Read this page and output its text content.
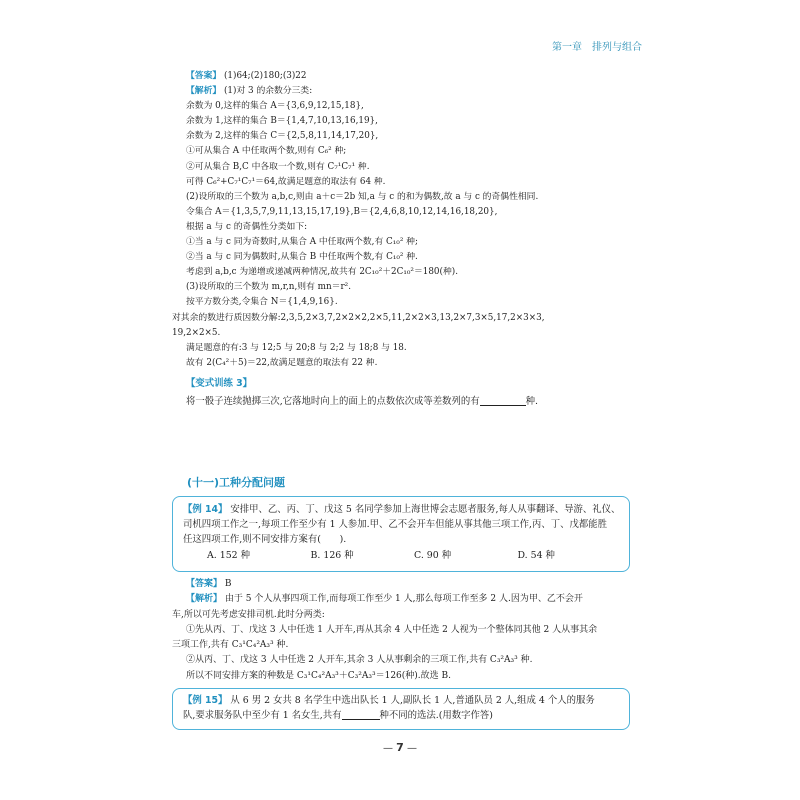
第一章 排列与组合
【答案】 (1)64;(2)180;(3)22
【解析】 (1)对 3 的余数分三类:
余数为 0,这样的集合 A＝{3,6,9,12,15,18},
余数为 1,这样的集合 B＝{1,4,7,10,13,16,19},
余数为 2,这样的集合 C＝{2,5,8,11,14,17,20},
①可从集合 A 中任取两个数,则有 C₆² 种;
②可从集合 B,C 中各取一个数,则有 C₇¹C₇¹ 种.
可得 C₆²+C₇¹C₇¹＝64,故满足题意的取法有 64 种.
(2)设所取的三个数为 a,b,c,则由 a＋c＝2b 知,a 与 c 的和为偶数,故 a 与 c 的奇偶性相同.
令集合 A＝{1,3,5,7,9,11,13,15,17,19},B＝{2,4,6,8,10,12,14,16,18,20},
根据 a 与 c 的奇偶性分类如下:
①当 a 与 c 同为奇数时,从集合 A 中任取两个数,有 C₁₀² 种;
②当 a 与 c 同为偶数时,从集合 B 中任取两个数,有 C₁₀² 种.
考虑到 a,b,c 为递增或递减两种情况,故共有 2C₁₀²＋2C₁₀²＝180(种).
(3)设所取的三个数为 m,r,n,则有 mn＝r².
按平方数分类,令集合 N＝{1,4,9,16}.
对其余的数进行质因数分解:2,3,5,2×3,7,2×2×2,2×5,11,2×2×3,13,2×7,3×5,17,2×3×3,
19,2×2×5.
满足题意的有:3 与 12;5 与 20;8 与 2;2 与 18;8 与 18.
故有 2(C₄²＋5)＝22,故满足题意的取法有 22 种.
【变式训练 3】
将一骰子连续抛掷三次,它落地时向上的面上的点数依次成等差数列的有	种.
(十一)工种分配问题
【例 14】 安排甲、乙、丙、丁、戊这 5 名同学参加上海世博会志愿者服务,每人从事翻译、导游、礼仪、
司机四项工作之一,每项工作至少有 1 人参加.甲、乙不会开车但能从事其他三项工作,丙、丁、戊都能胜
任这四项工作,则不同安排方案有(　　).
A. 152 种	B. 126 种	C. 90 种	D. 54 种
【答案】 B
【解析】 由于 5 个人从事四项工作,而每项工作至少 1 人,那么每项工作至多 2 人.因为甲、乙不会开
车,所以可先考虑安排司机.此时分两类:
①先从丙、丁、戊这 3 人中任选 1 人开车,再从其余 4 人中任选 2 人视为一个整体同其他 2 人从事其余
三项工作,共有 C₃¹C₄²A₃³ 种.
②从丙、丁、戊这 3 人中任选 2 人开车,其余 3 人从事剩余的三项工作,共有 C₃²A₃³ 种.
所以不同安排方案的种数是 C₃¹C₄²A₃³＋C₃²A₃³＝126(种).故选 B.
【例 15】 从 6 男 2 女共 8 名学生中选出队长 1 人,副队长 1 人,普通队员 2 人,组成 4 个人的服务
队,要求服务队中至少有 1 名女生,共有	种不同的选法.(用数字作答)
— 7 —
